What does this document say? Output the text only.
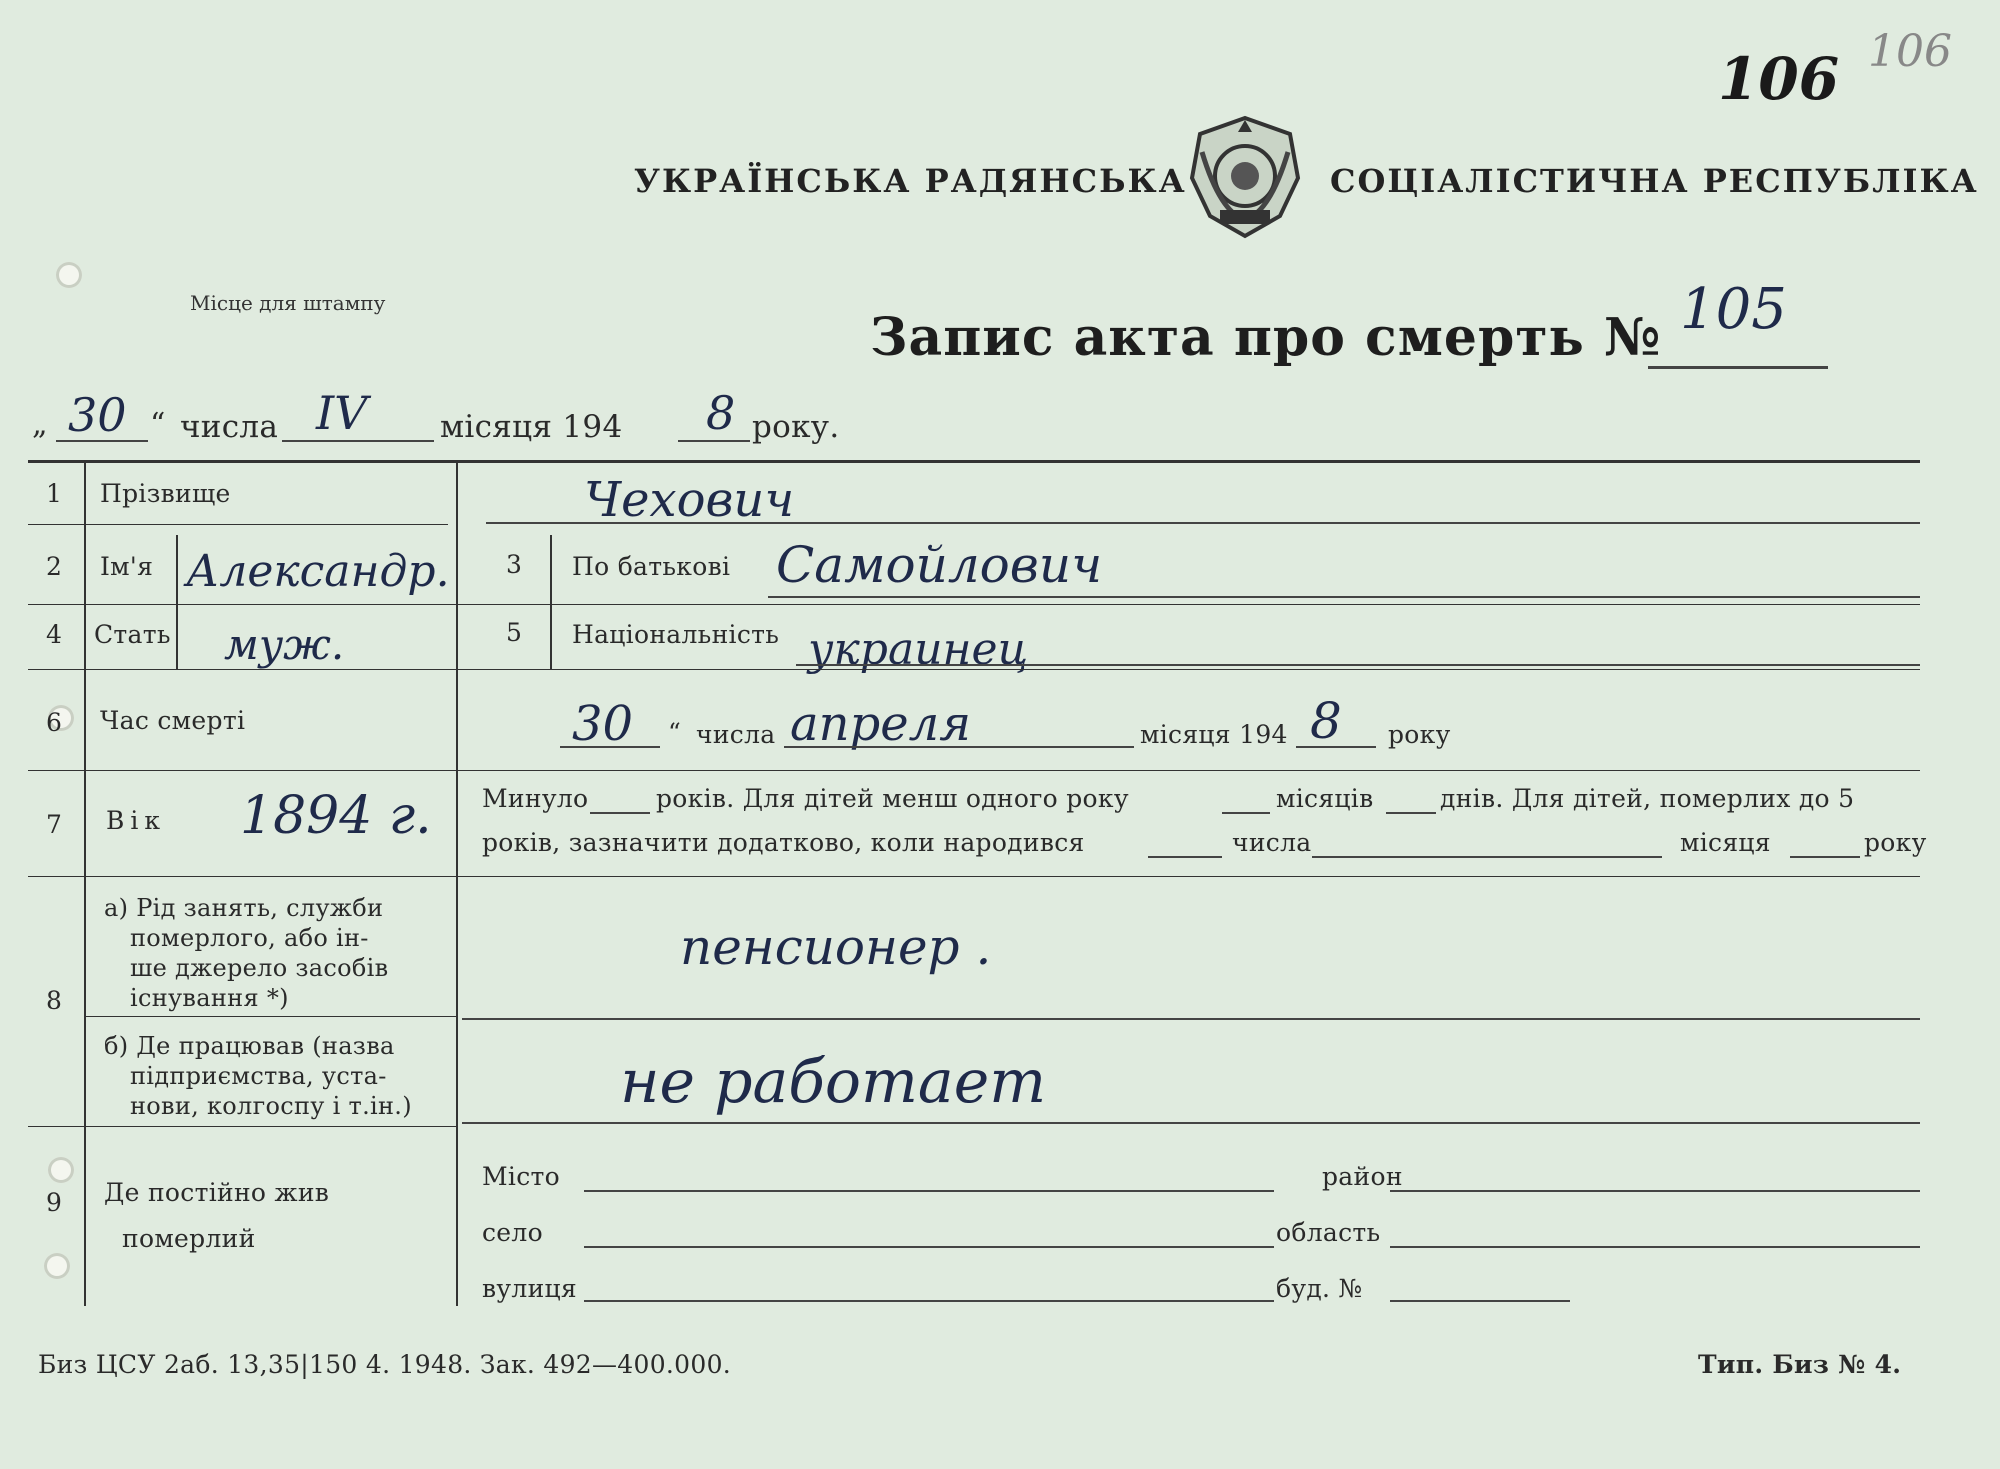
106 106
УКРАЇНСЬКА РАДЯНСЬКА	СОЦІАЛІСТИЧНА РЕСПУБЛІКА
Місце для штампу
Запис акта про смерть № 105
„ 30 “ числа IV місяця 194 8 року.
1 Прізвище	Чехович
2 Ім'я Александр. 3 По батькові Самойлович
4 Стать муж.	5 Національність украинец
6 Час смерті	30 “ числа апреля	місяця 194 8 року
7 Вік 1894 г. Минуло	років. Для дітей менш одного року	місяців	днів. Для дітей, померлих до 5
років, зазначити додатково, коли народився	числа	місяця	року
8
а) Рід занять, служби
померлого, або ін-
ше джерело засобів
існування *)
пенсионер .
б) Де працював (назва
підприємства, уста-
нови, колгоспу і т.ін.)	не работает
9 Де постійно жив
померлий
Місто	район
село	область
вулиця	буд. №
Биз ЦСУ 2аб. 13,35|150 4. 1948. Зак. 492—400.000.	Тип. Биз № 4.
